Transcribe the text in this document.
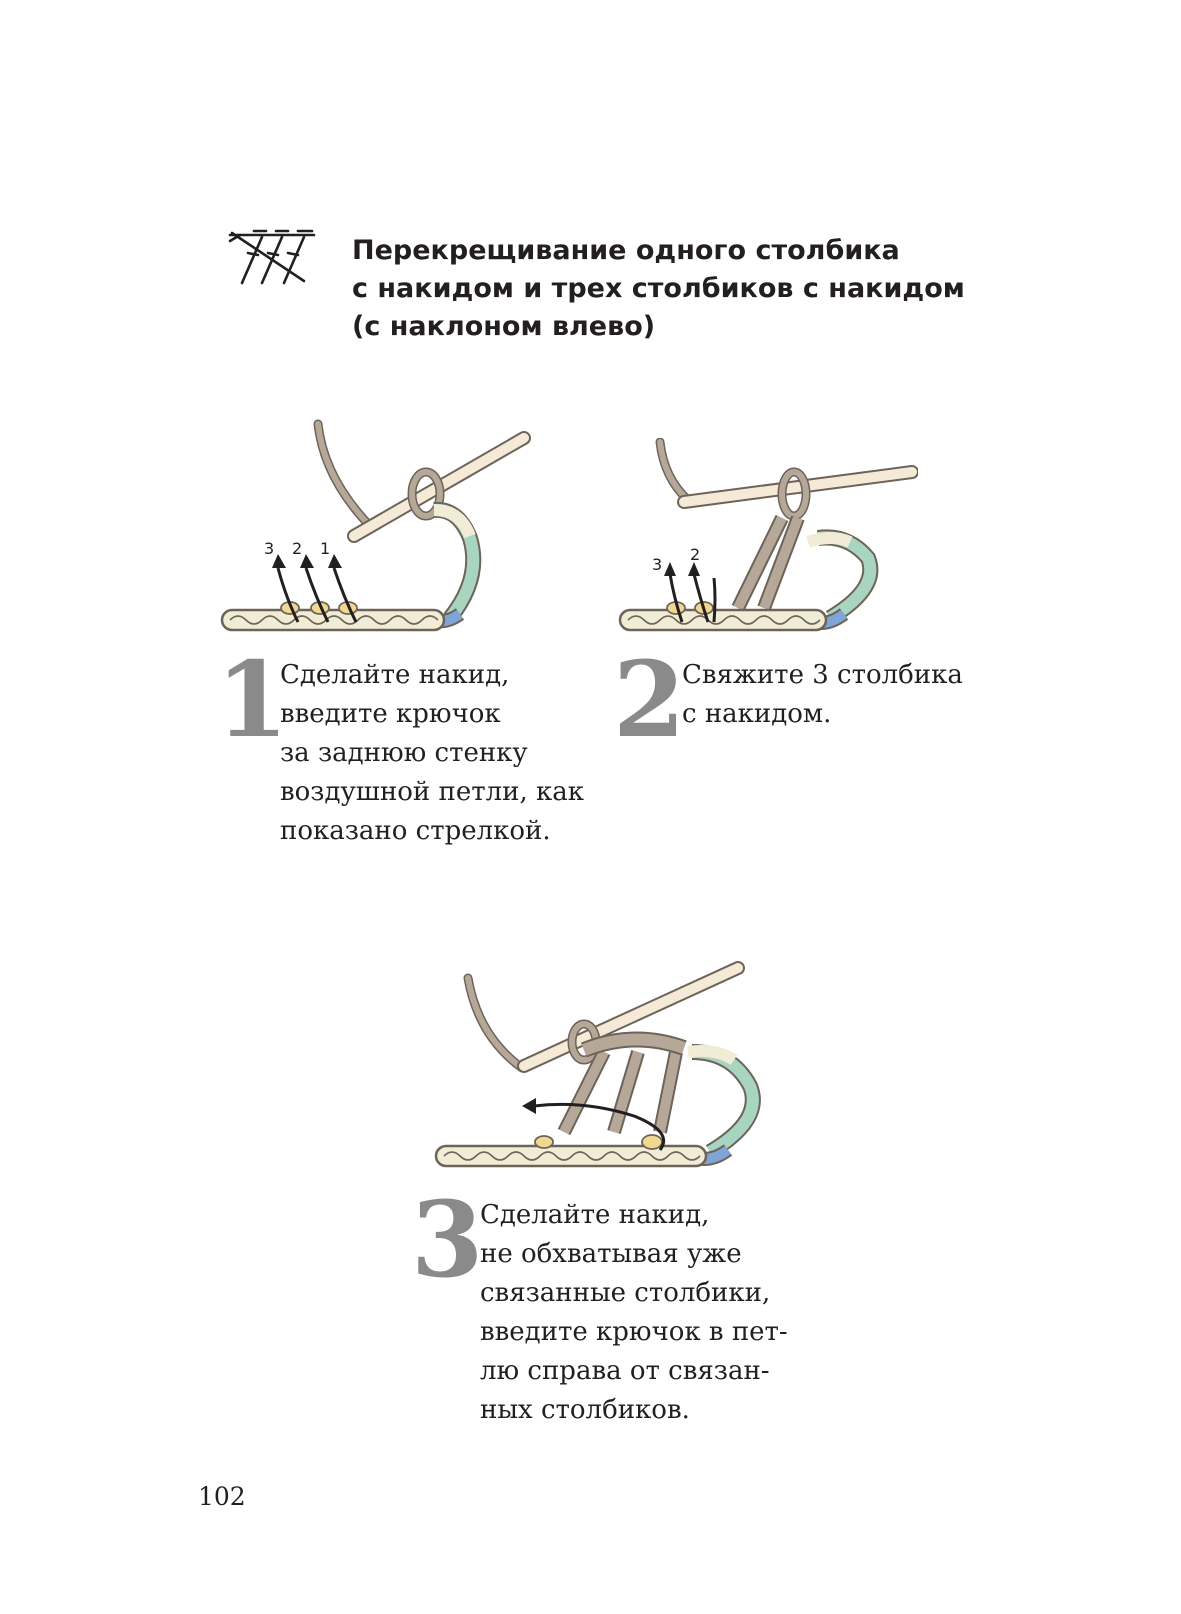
Перекрещивание одного столбика
с накидом и трех столбиков с накидом
(с наклоном влево)
3 2 1
3
2
1
Сделайте накид,
введите крючок
за заднюю стенку
воздушной петли, как
показано стрелкой.
2
Свяжите 3 столбика
с накидом.
3
Сделайте накид,
не обхватывая уже
связанные столбики,
введите крючок в пет-
лю справа от связан-
ных столбиков.
102
